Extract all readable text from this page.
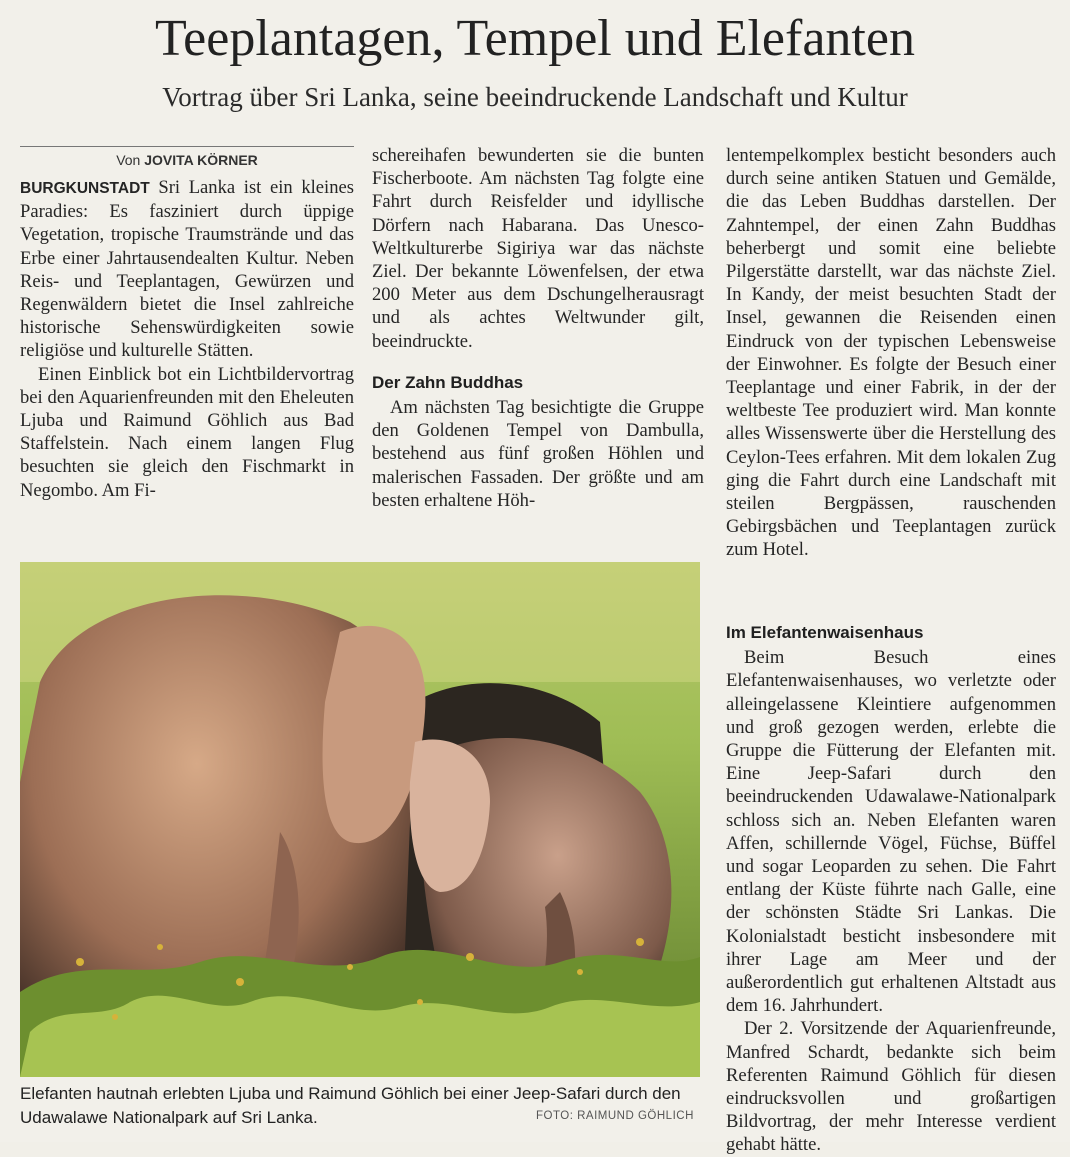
Teeplantagen, Tempel und Elefanten
Vortrag über Sri Lanka, seine beeindruckende Landschaft und Kultur
Von JOVITA KÖRNER

BURGKUNSTADT Sri Lanka ist ein kleines Paradies: Es fasziniert durch üppige Vegetation, tropische Traumstrände und das Erbe einer Jahrtausendealten Kultur. Neben Reis- und Teeplantagen, Gewürzen und Regenwäldern bietet die Insel zahlreiche historische Sehenswürdigkeiten sowie religiöse und kulturelle Stätten.

Einen Einblick bot ein Lichtbildervortrag bei den Aquarienfreunden mit den Eheleuten Ljuba und Raimund Göhlich aus Bad Staffelstein. Nach einem langen Flug besuchten sie gleich den Fischmarkt in Negombo. Am Fi-

schereihafen bewunderten sie die bunten Fischerboote. Am nächsten Tag folgte eine Fahrt durch Reisfelder und idyllische Dörfern nach Habarana. Das Unesco-Weltkulturerbe Sigiriya war das nächste Ziel. Der bekannte Löwenfelsen, der etwa 200 Meter aus dem Dschungelherausragt und als achtes Weltwunder gilt, beeindruckte.

Der Zahn Buddhas

Am nächsten Tag besichtigte die Gruppe den Goldenen Tempel von Dambulla, bestehend aus fünf großen Höhlen und malerischen Fassaden. Der größte und am besten erhaltene Höh-

lentempelkomplex besticht besonders auch durch seine antiken Statuen und Gemälde, die das Leben Buddhas darstellen. Der Zahntempel, der einen Zahn Buddhas beherbergt und somit eine beliebte Pilgerstätte darstellt, war das nächste Ziel. In Kandy, der meist besuchten Stadt der Insel, gewannen die Reisenden einen Eindruck von der typischen Lebensweise der Einwohner. Es folgte der Besuch einer Teeplantage und einer Fabrik, in der der weltbeste Tee produziert wird. Man konnte alles Wissenswerte über die Herstellung des Ceylon-Tees erfahren. Mit dem lokalen Zug ging die Fahrt durch eine Landschaft mit steilen Bergpässen, rauschenden Gebirgsbächen und Teeplantagen zurück zum Hotel.

Im Elefantenwaisenhaus

Beim Besuch eines Elefantenwaisenhauses, wo verletzte oder alleingelassene Kleintiere aufgenommen und groß gezogen werden, erlebte die Gruppe die Fütterung der Elefanten mit. Eine Jeep-Safari durch den beeindruckenden Udawalawe-Nationalpark schloss sich an. Neben Elefanten waren Affen, schillernde Vögel, Füchse, Büffel und sogar Leoparden zu sehen. Die Fahrt entlang der Küste führte nach Galle, eine der schönsten Städte Sri Lankas. Die Kolonialstadt besticht insbesondere mit ihrer Lage am Meer und der außerordentlich gut erhaltenen Altstadt aus dem 16. Jahrhundert.

Der 2. Vorsitzende der Aquarienfreunde, Manfred Schardt, bedankte sich beim Referenten Raimund Göhlich für diesen eindrucksvollen und großartigen Bildvortrag, der mehr Interesse verdient gehabt hätte.

Elefanten hautnah erlebten Ljuba und Raimund Göhlich bei einer Jeep-Safari durch den Udawalawe Nationalpark auf Sri Lanka.	FOTO: RAIMUND GÖHLICH
